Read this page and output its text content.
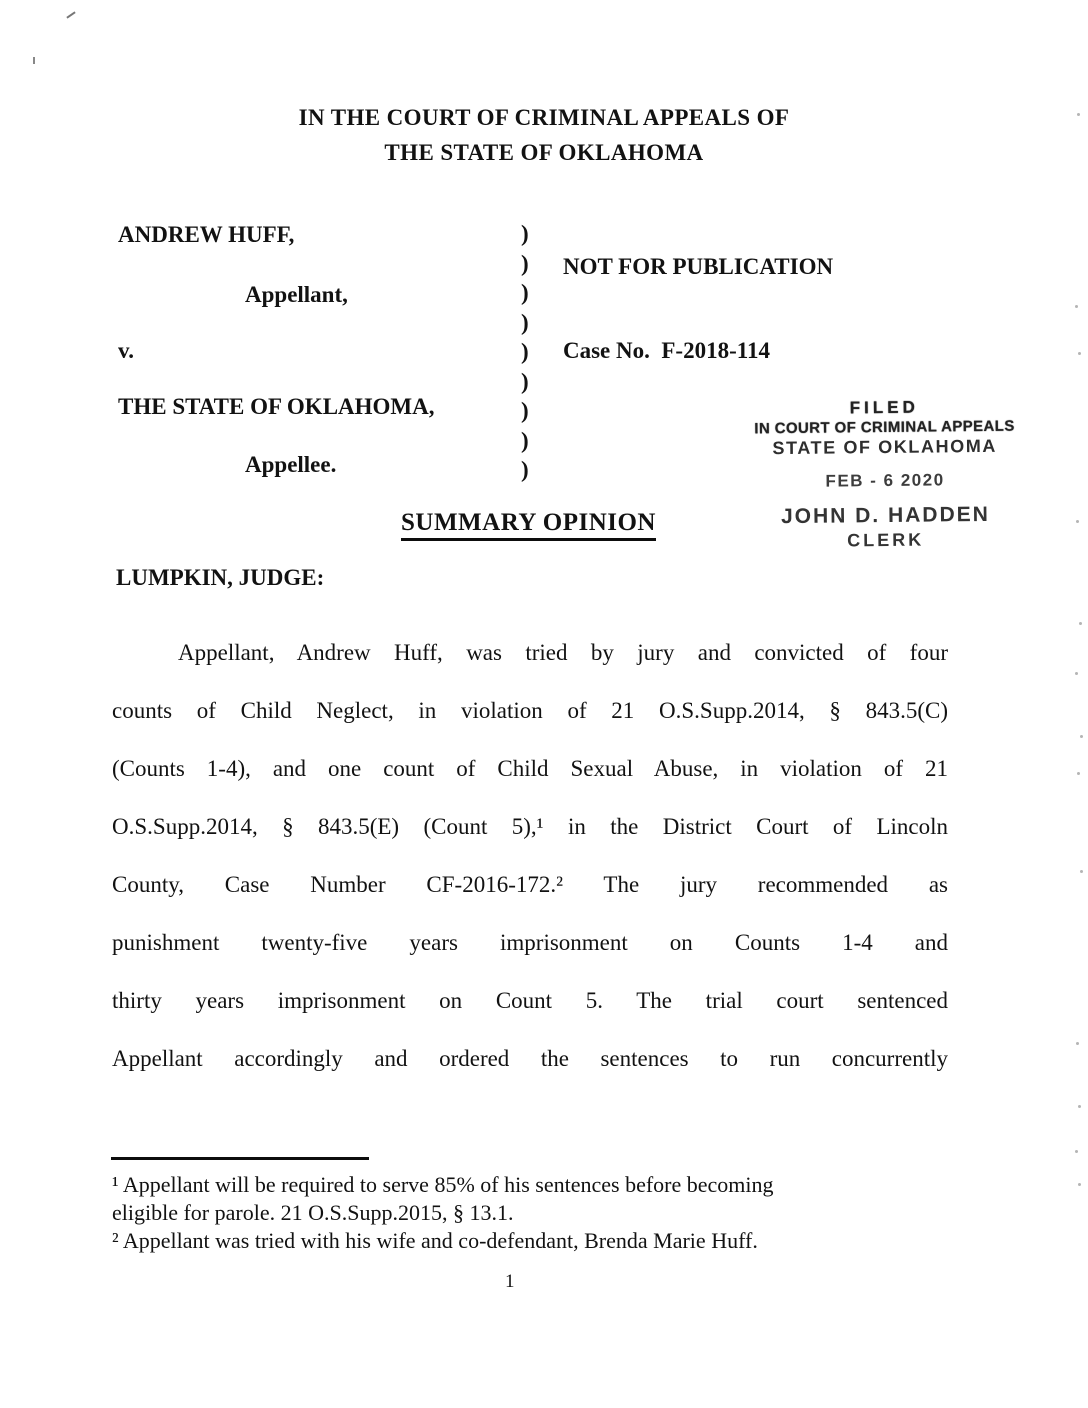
IN THE COURT OF CRIMINAL APPEALS OF
THE STATE OF OKLAHOMA
ANDREW HUFF,
Appellant,
v.
THE STATE OF OKLAHOMA,
Appellee.
)
)
)
)
)
)
)
)
)
NOT FOR PUBLICATION
Case No.  F-2018-114
FILED
IN COURT OF CRIMINAL APPEALS
STATE OF OKLAHOMA
FEB - 6 2020
JOHN D. HADDEN
CLERK
SUMMARY OPINION
LUMPKIN, JUDGE:
Appellant, Andrew Huff, was tried by jury and convicted of four
counts of Child Neglect, in violation of 21 O.S.Supp.2014, § 843.5(C)
(Counts 1-4), and one count of Child Sexual Abuse, in violation of 21
O.S.Supp.2014, § 843.5(E) (Count 5),¹ in the District Court of Lincoln
County, Case Number CF-2016-172.² The jury recommended as
punishment twenty-five years imprisonment on Counts 1-4 and
thirty years imprisonment on Count 5. The trial court sentenced
Appellant accordingly and ordered the sentences to run concurrently
¹ Appellant will be required to serve 85% of his sentences before becoming
eligible for parole. 21 O.S.Supp.2015, § 13.1.
² Appellant was tried with his wife and co-defendant, Brenda Marie Huff.
1
